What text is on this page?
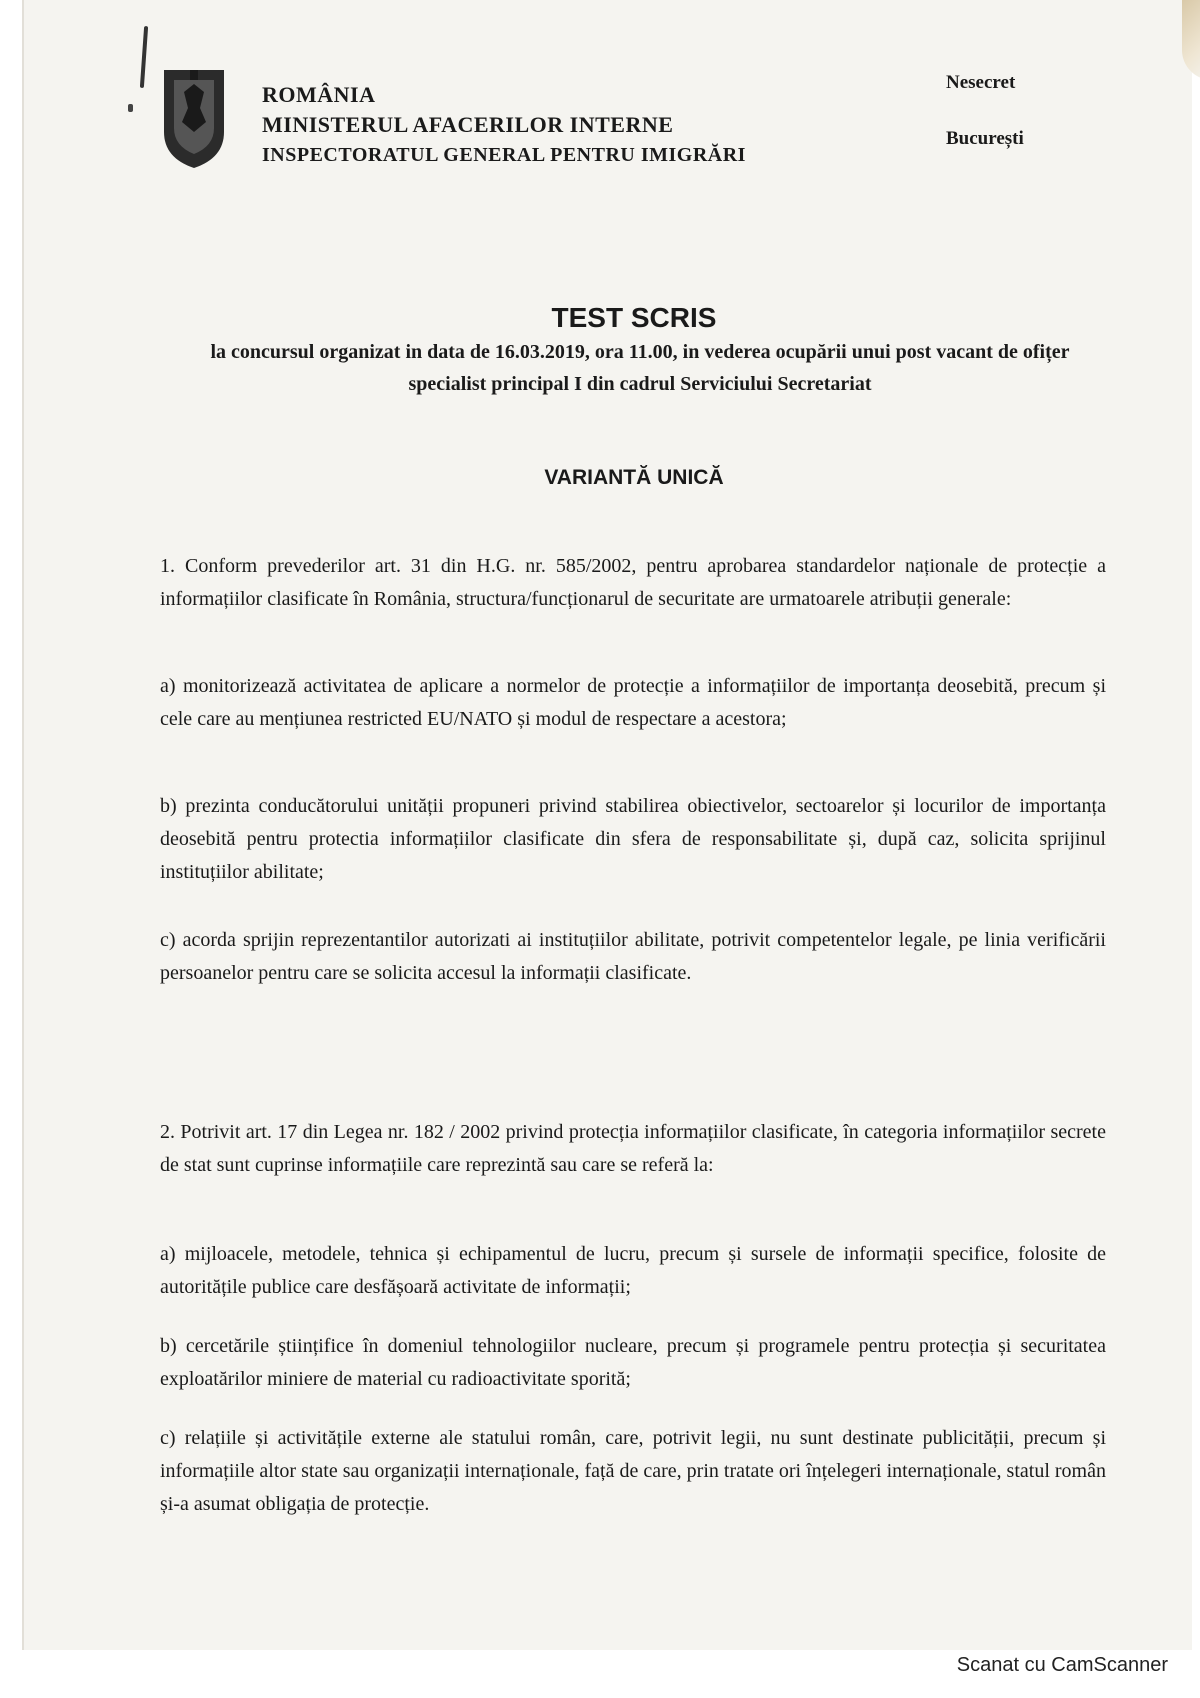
ROMÂNIA
MINISTERUL AFACERILOR INTERNE
INSPECTORATUL GENERAL PENTRU IMIGRĂRI
Nesecret
București
TEST SCRIS
la concursul organizat in data de 16.03.2019, ora 11.00, in vederea ocupării unui post vacant de ofițer specialist principal I din cadrul Serviciului Secretariat
VARIANTĂ UNICĂ
1. Conform prevederilor art. 31 din H.G. nr. 585/2002, pentru aprobarea standardelor naționale de protecție a informațiilor clasificate în România, structura/funcționarul de securitate are urmatoarele atribuții generale:
a) monitorizează activitatea de aplicare a normelor de protecție a informațiilor de importanța deosebită, precum și cele care au mențiunea restricted EU/NATO și modul de respectare a acestora;
b) prezinta conducătorului unității propuneri privind stabilirea obiectivelor, sectoarelor și locurilor de importanța deosebită pentru protectia informațiilor clasificate din sfera de responsabilitate și, după caz, solicita sprijinul instituțiilor abilitate;
c) acorda sprijin reprezentantilor autorizati ai instituțiilor abilitate, potrivit competentelor legale, pe linia verificării persoanelor pentru care se solicita accesul la informații clasificate.
2. Potrivit art. 17 din Legea nr. 182 / 2002 privind protecția informațiilor clasificate, în categoria informațiilor secrete de stat sunt cuprinse informațiile care reprezintă sau care se referă la:
a) mijloacele, metodele, tehnica și echipamentul de lucru, precum și sursele de informații specifice, folosite de autoritățile publice care desfășoară activitate de informații;
b) cercetările științifice în domeniul tehnologiilor nucleare, precum și programele pentru protecția și securitatea exploatărilor miniere de material cu radioactivitate sporită;
c) relațiile și activitățile externe ale statului român, care, potrivit legii, nu sunt destinate publicității, precum și informațiile altor state sau organizații internaționale, față de care, prin tratate ori înțelegeri internaționale, statul român și-a asumat obligația de protecție.
Scanat cu CamScanner
